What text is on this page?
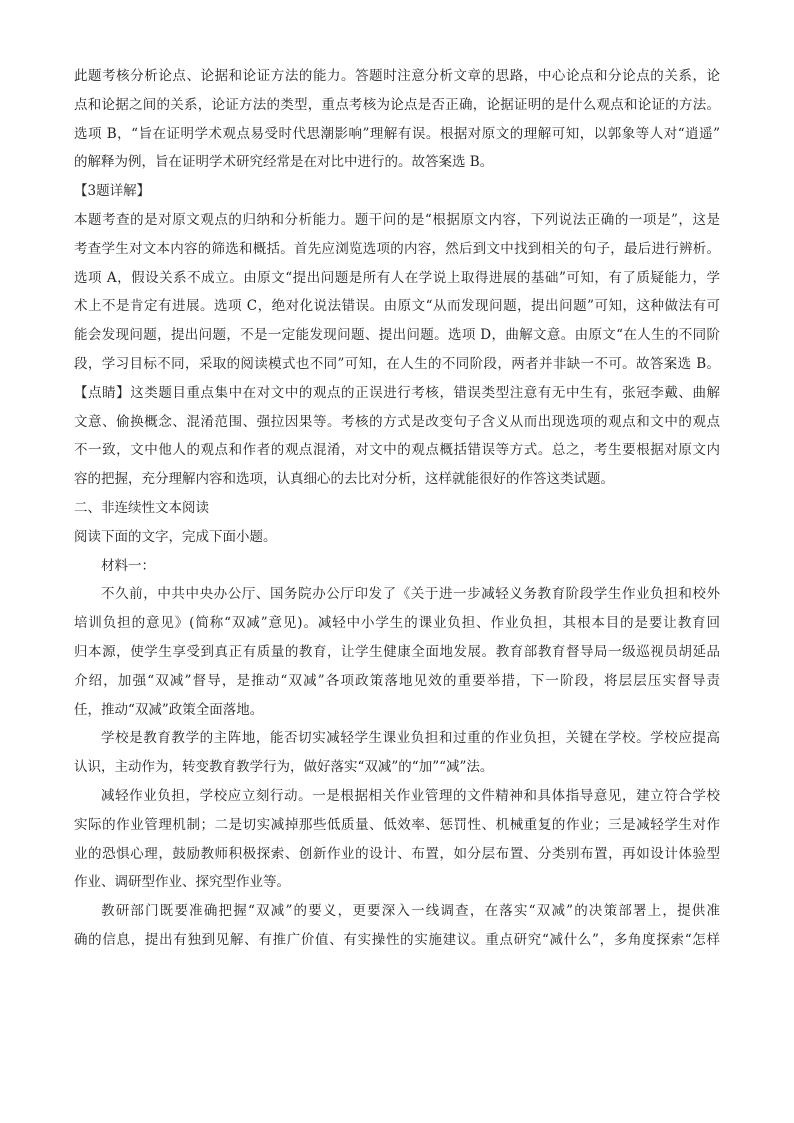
此题考核分析论点、论据和论证方法的能力。答题时注意分析文章的思路，中心论点和分论点的关系，论
点和论据之间的关系，论证方法的类型，重点考核为论点是否正确，论据证明的是什么观点和论证的方法。
选项 B，“旨在证明学术观点易受时代思潮影响”理解有误。根据对原文的理解可知，以郭象等人对“逍遥”
的解释为例，旨在证明学术研究经常是在对比中进行的。故答案选 B。
【3题详解】
本题考查的是对原文观点的归纳和分析能力。题干问的是“根据原文内容，下列说法正确的一项是”，这是
考查学生对文本内容的筛选和概括。首先应浏览选项的内容，然后到文中找到相关的句子，最后进行辨析。
选项 A，假设关系不成立。由原文“提出问题是所有人在学说上取得进展的基础”可知，有了质疑能力，学
术上不是肯定有进展。选项 C，绝对化说法错误。由原文“从而发现问题，提出问题”可知，这种做法有可
能会发现问题，提出问题，不是一定能发现问题、提出问题。选项 D，曲解文意。由原文“在人生的不同阶
段，学习目标不同，采取的阅读模式也不同”可知，在人生的不同阶段，两者并非缺一不可。故答案选 B。
【点睛】这类题目重点集中在对文中的观点的正误进行考核，错误类型注意有无中生有，张冠李戴、曲解
文意、偷换概念、混淆范围、强拉因果等。考核的方式是改变句子含义从而出现选项的观点和文中的观点
不一致，文中他人的观点和作者的观点混淆，对文中的观点概括错误等方式。总之，考生要根据对原文内
容的把握，充分理解内容和选项，认真细心的去比对分析，这样就能很好的作答这类试题。
二、非连续性文本阅读
阅读下面的文字，完成下面小题。
材料一：
不久前，中共中央办公厅、国务院办公厅印发了《关于进一步减轻义务教育阶段学生作业负担和校外
培训负担的意见》(简称“双减”意见)。减轻中小学生的课业负担、作业负担，其根本目的是要让教育回
归本源，使学生享受到真正有质量的教育，让学生健康全面地发展。教育部教育督导局一级巡视员胡延品
介绍，加强“双减”督导，是推动“双减”各项政策落地见效的重要举措，下一阶段，将层层压实督导责
任，推动“双减”政策全面落地。
学校是教育教学的主阵地，能否切实减轻学生课业负担和过重的作业负担，关键在学校。学校应提高
认识，主动作为，转变教育教学行为，做好落实“双减”的“加”“减”法。
减轻作业负担，学校应立刻行动。一是根据相关作业管理的文件精神和具体指导意见，建立符合学校
实际的作业管理机制；二是切实减掉那些低质量、低效率、惩罚性、机械重复的作业；三是减轻学生对作
业的恐惧心理，鼓励教师积极探索、创新作业的设计、布置，如分层布置、分类别布置，再如设计体验型
作业、调研型作业、探究型作业等。
教研部门既要准确把握“双减”的要义，更要深入一线调查，在落实“双减”的决策部署上，提供准
确的信息，提出有独到见解、有推广价值、有实操性的实施建议。重点研究“减什么”，多角度探索“怎样
